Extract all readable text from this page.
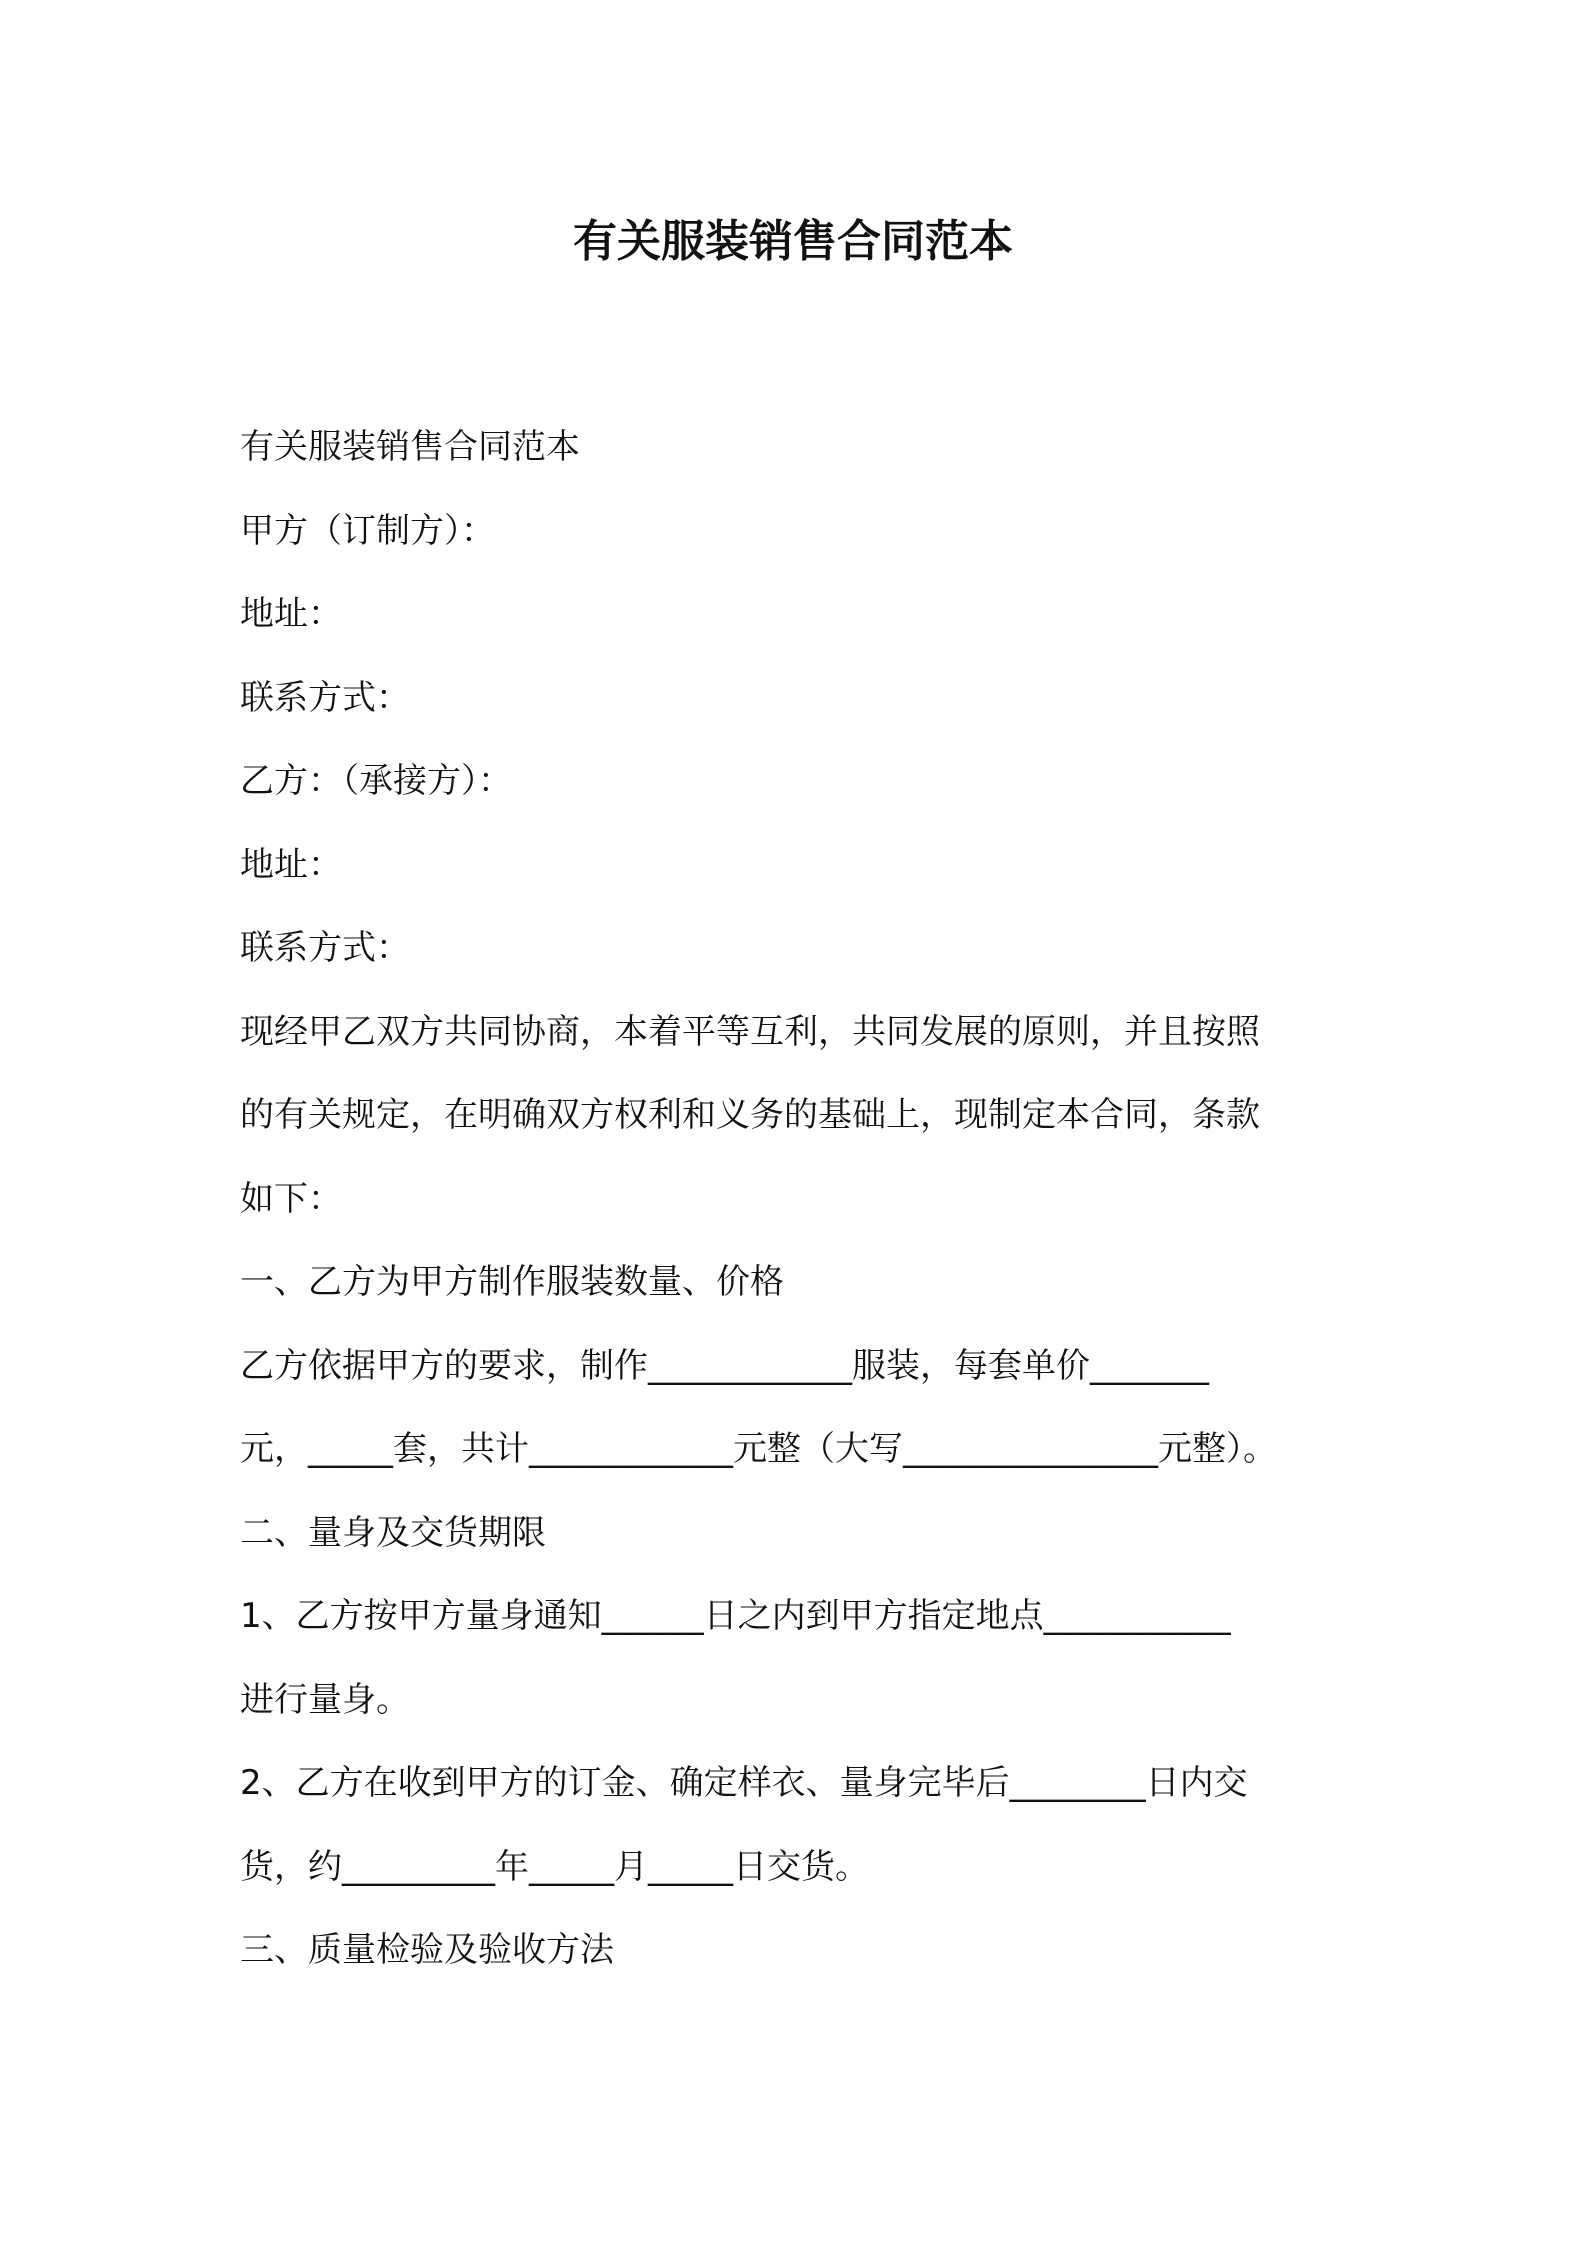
有关服装销售合同范本

有关服装销售合同范本

甲方（订制方）：

地址：

联系方式：

乙方：（承接方）：

地址：

联系方式：

现经甲乙双方共同协商，本着平等互利，共同发展的原则，并且按照

的有关规定，在明确双方权利和义务的基础上，现制定本合同，条款

如下：

一、乙方为甲方制作服装数量、价格

乙方依据甲方的要求，制作____________服装，每套单价_______

元，_____套，共计____________元整（大写_______________元整）。

二、量身及交货期限

1、乙方按甲方量身通知______日之内到甲方指定地点___________

进行量身。

2、乙方在收到甲方的订金、确定样衣、量身完毕后________日内交

货，约_________年_____月_____日交货。

三、质量检验及验收方法
